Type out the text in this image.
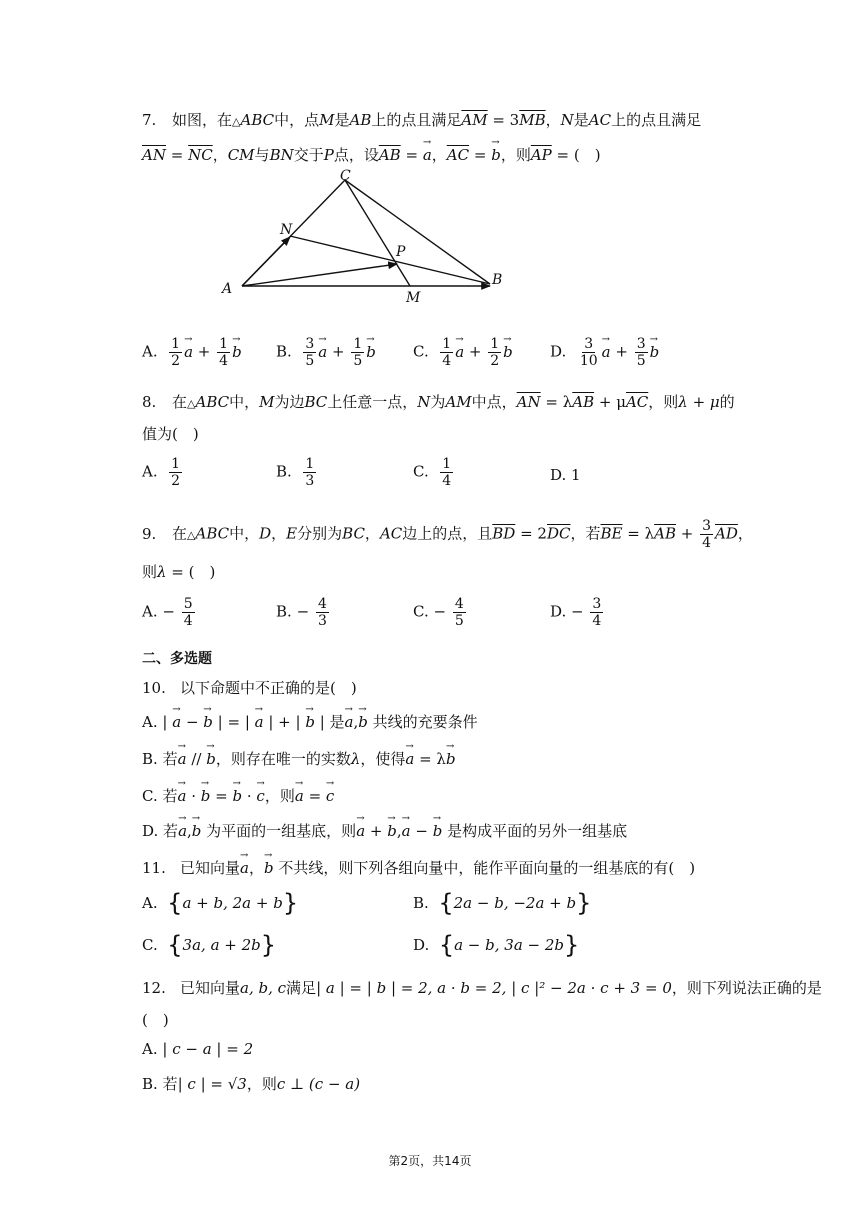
7. 如图，在△ABC中，点M是AB上的点且满足$\overline{AM} = 3\overline{MB}$，N是AC上的点且满足
$\overline{AN} = \overline{NC}$，CM与BN交于P点，设$\overline{AB}$ = → a，$\overline{AC}$ = → b，则$\overline{AP}$ = (　)
A
B
C
M
N
P
A. $\frac{1}{2} \to a + \frac{1}{4} \to b$ B. $\frac{3}{5} \to a + \frac{1}{5} \to b$ C. $\frac{1}{4} \to a + \frac{1}{2} \to b$ D. $\frac{3}{10} \to a + \frac{3}{5} \to b$
8. 在△ABC中，M为边BC上任意一点，N为AM中点，$\overline{AN} = \lambda\overline{AB} + \mu\overline{AC}$，则λ + μ的
值为(　)
A. $\frac{1}{2}$	B. $\frac{1}{3}$	C. $\frac{1}{4}$	D. 1
9. 在△ABC中，D，E分别为BC，AC边上的点，且$\overline{BD} = 2\overline{DC}$，若$\overline{BE} = \lambda\overline{AB} + \frac{3}{4} \overline{AD}$，
则λ = (　)
A. − $\frac{5}{4}$	B. − $\frac{4}{3}$	C. − $\frac{4}{5}$	D. − $\frac{3}{4}$
二、多选题
10. 以下命题中不正确的是(　)
A. | → a − → b | = | → a | + | → b | 是→ a,→ b 共线的充要条件
B. 若→ a // → b，则存在唯一的实数λ，使得→ a = λ→ b
C. 若→ a · → b = → b · → c，则→ a = → c
D. 若→ a,→ b 为平面的一组基底，则→ a + → b,→ a − → b 是构成平面的另外一组基底
11. 已知向量→ a，→ b 不共线，则下列各组向量中，能作平面向量的一组基底的有(　)
A. {a + b, 2a + b}	B. {2a − b, −2a + b}
C. {3a, a + 2b}	D. {a − b, 3a − 2b}
12. 已知向量a, b, c满足| a | = | b | = 2, a · b = 2, | c |² − 2a · c + 3 = 0，则下列说法正确的是
(　)
A. | c − a | = 2
B. 若| c | = √3，则c ⊥ (c − a)
第2页，共14页
